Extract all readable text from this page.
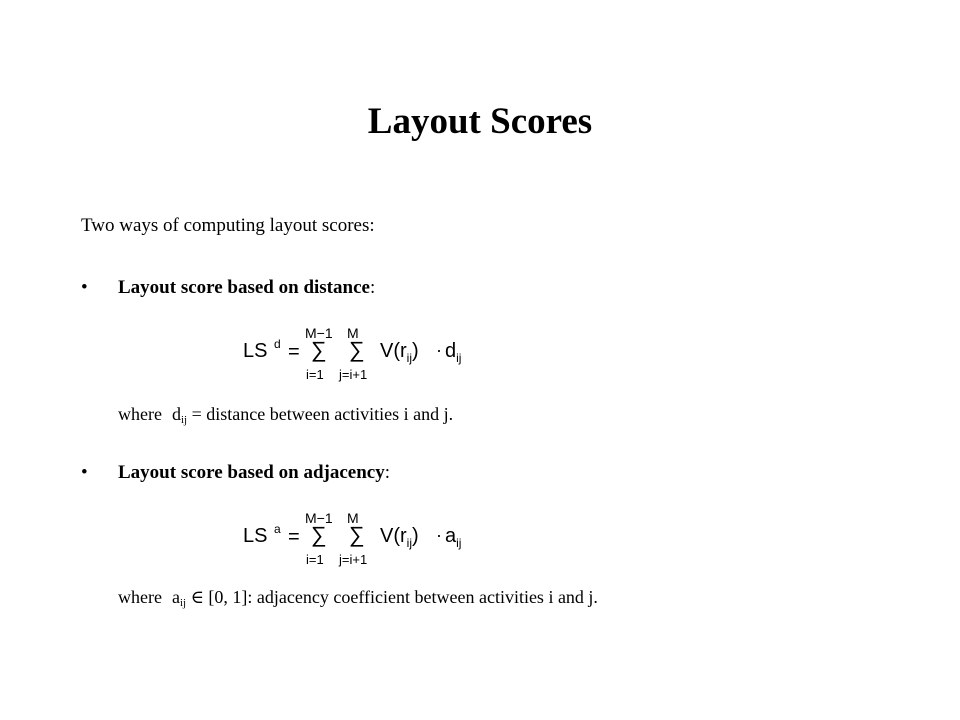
Layout Scores
Two ways of computing layout scores:
• Layout score based on distance:
LS d =
M−1
∑
i=1
M
∑
j=i+1
$V(r_{ij}) \cdot d_{ij}$
where $d_{ij}$ = distance between activities i and j.
• Layout score based on adjacency:
LS a =
M−1
∑
i=1
M
∑
j=i+1
$V(r_{ij}) \cdot a_{ij}$
where $a_{ij}$ ∈ [0, 1]: adjacency coefficient between activities i and j.
